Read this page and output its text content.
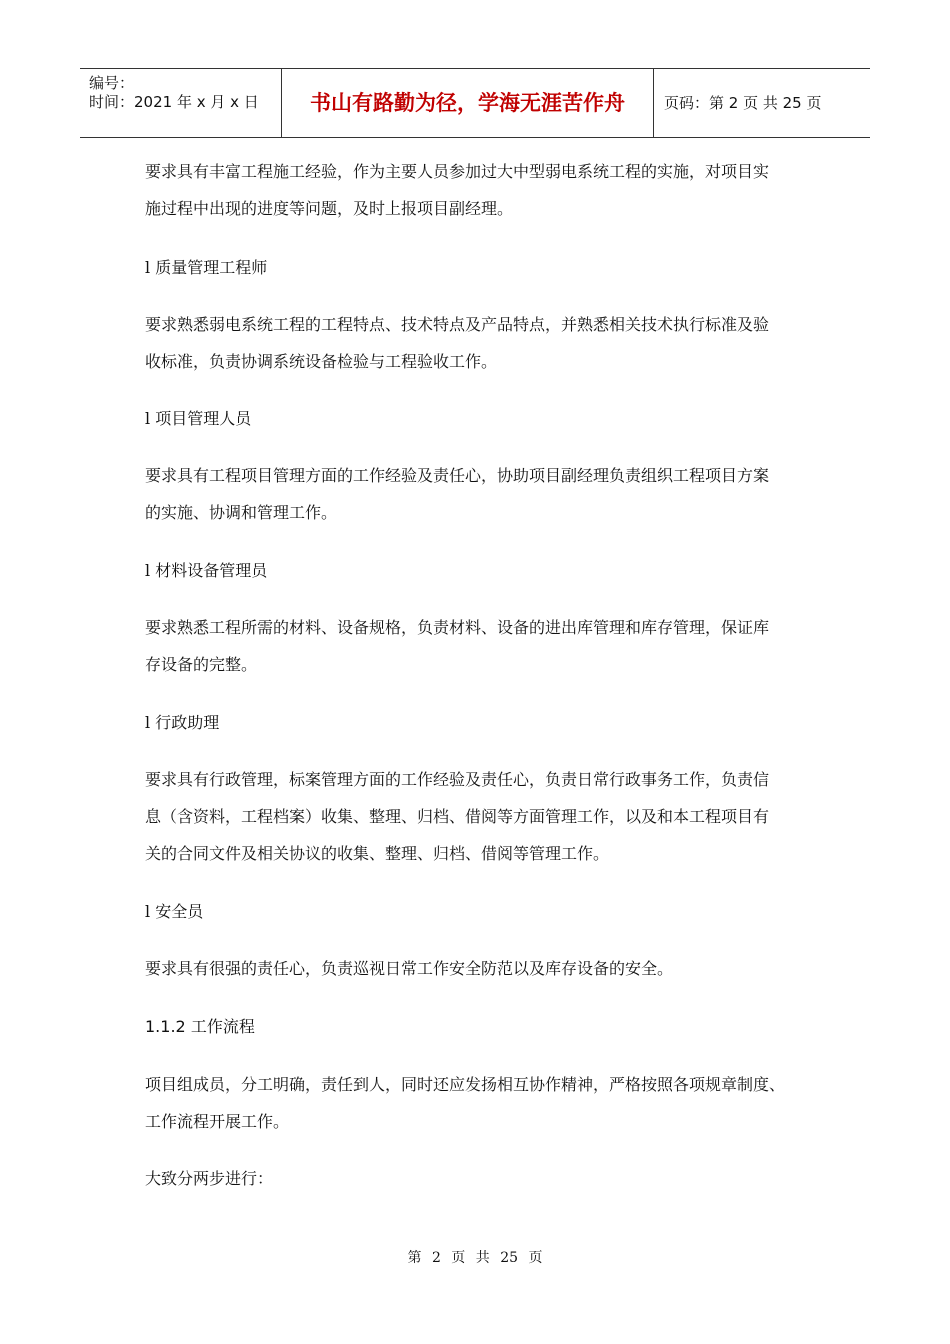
编号：
时间：2021 年 x 月 x 日	书山有路勤为径，学海无涯苦作舟	页码：第 2 页 共 25 页
要求具有丰富工程施工经验，作为主要人员参加过大中型弱电系统工程的实施，对项目实
施过程中出现的进度等问题，及时上报项目副经理。
l 质量管理工程师
要求熟悉弱电系统工程的工程特点、技术特点及产品特点，并熟悉相关技术执行标准及验
收标准，负责协调系统设备检验与工程验收工作。
l 项目管理人员
要求具有工程项目管理方面的工作经验及责任心，协助项目副经理负责组织工程项目方案
的实施、协调和管理工作。
l 材料设备管理员
要求熟悉工程所需的材料、设备规格，负责材料、设备的进出库管理和库存管理，保证库
存设备的完整。
l 行政助理
要求具有行政管理，标案管理方面的工作经验及责任心，负责日常行政事务工作，负责信
息（含资料，工程档案）收集、整理、归档、借阅等方面管理工作，以及和本工程项目有
关的合同文件及相关协议的收集、整理、归档、借阅等管理工作。
l 安全员
要求具有很强的责任心，负责巡视日常工作安全防范以及库存设备的安全。
1.1.2 工作流程
项目组成员，分工明确，责任到人，同时还应发扬相互协作精神，严格按照各项规章制度、
工作流程开展工作。
大致分两步进行：
第 2 页 共 25 页
